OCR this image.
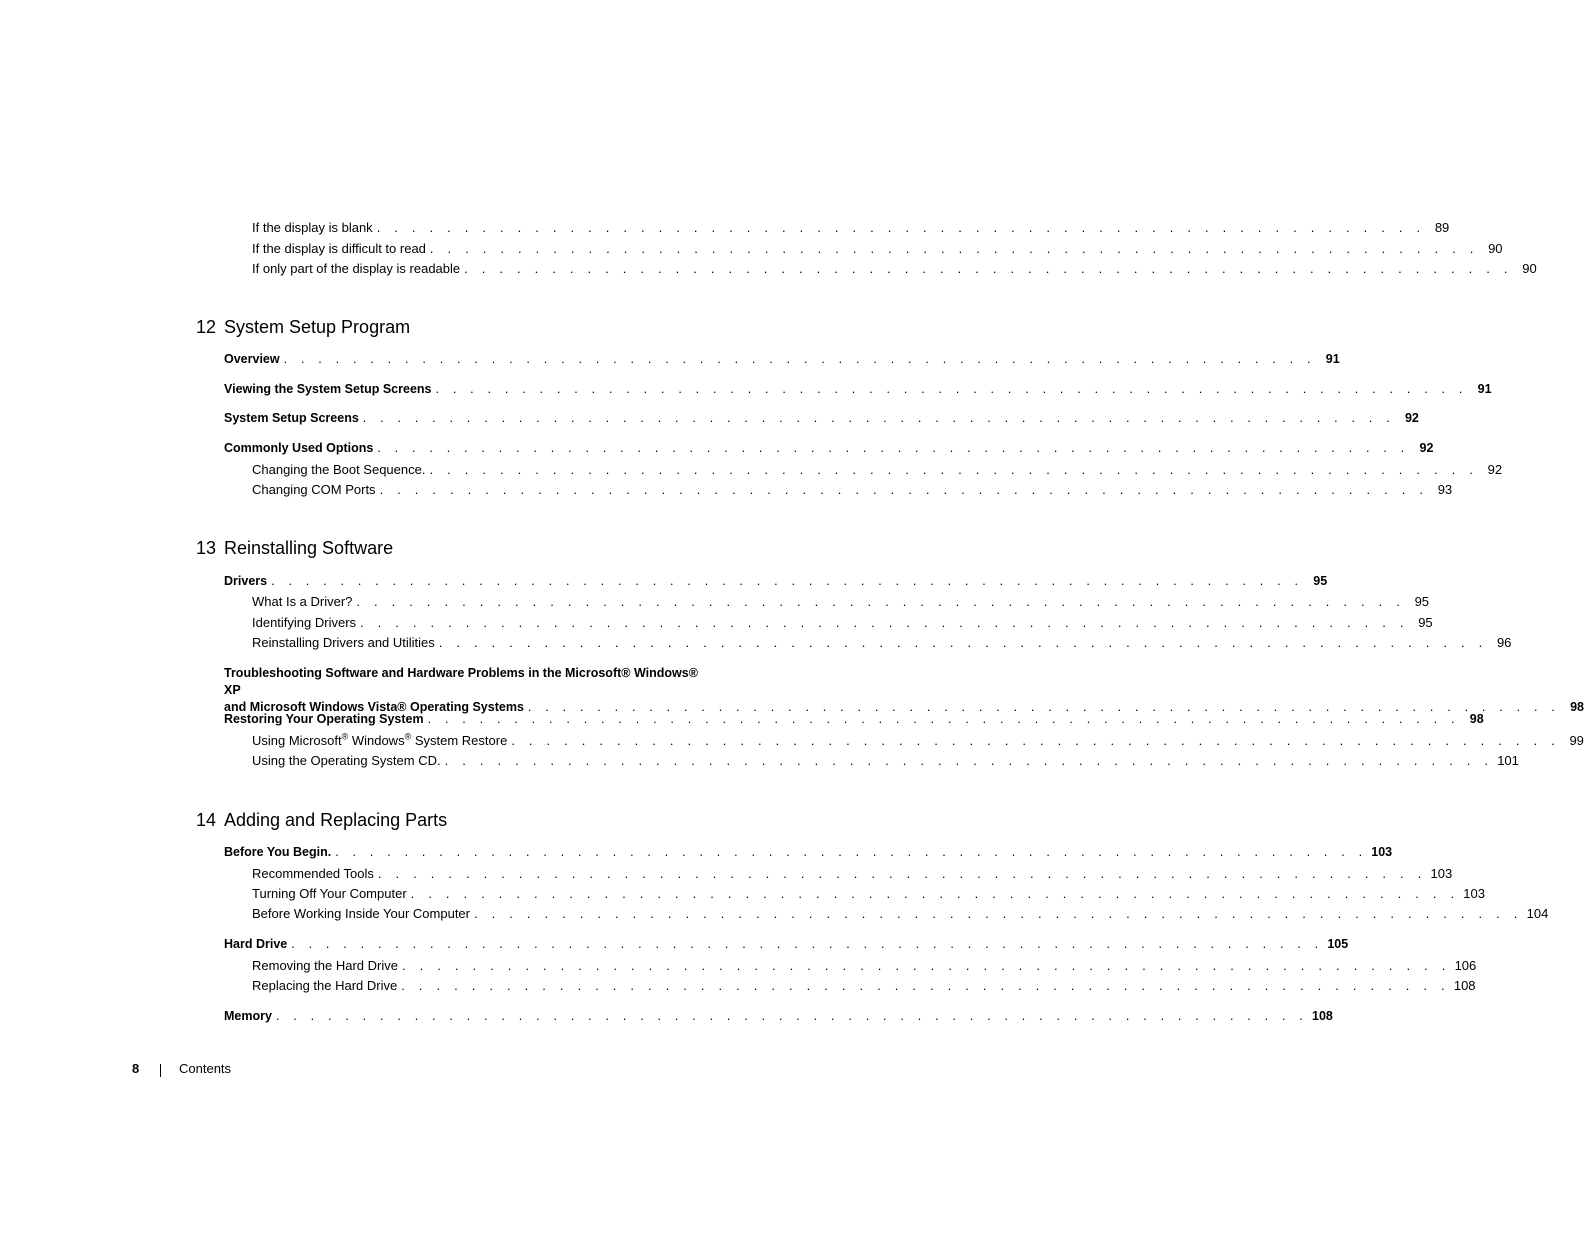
If the display is blank . . . . . . . . . . . . . . . . . . . . . . . . . . . . . . . . . . . . . . . . . . . . . . . . . . . . . . . . . . . . 89
If the display is difficult to read . . . . . . . . . . . . . . . . . . . . . . . . . . . . . . . . . . . . . . . . . . . . . . . . . . . . . . . . . . . . 90
If only part of the display is readable . . . . . . . . . . . . . . . . . . . . . . . . . . . . . . . . . . . . . . . . . . . . . . . . . . . . . . . . . . . . 90
12 System Setup Program
Overview . . . . . . . . . . . . . . . . . . . . . . . . . . . . . . . . . . . . . . . . . . . . . . . . . . . . . . . . . . . . 91
Viewing the System Setup Screens . . . . . . . . . . . . . . . . . . . . . . . . . . . . . . . . . . . . . . . . . . . . . . . . . . . . . . . . . . . . 91
System Setup Screens . . . . . . . . . . . . . . . . . . . . . . . . . . . . . . . . . . . . . . . . . . . . . . . . . . . . . . . . . . . . 92
Commonly Used Options . . . . . . . . . . . . . . . . . . . . . . . . . . . . . . . . . . . . . . . . . . . . . . . . . . . . . . . . . . . . 92
Changing the Boot Sequence. . . . . . . . . . . . . . . . . . . . . . . . . . . . . . . . . . . . . . . . . . . . . . . . . . . . . . . . . . . . . 92
Changing COM Ports . . . . . . . . . . . . . . . . . . . . . . . . . . . . . . . . . . . . . . . . . . . . . . . . . . . . . . . . . . . . 93
13 Reinstalling Software
Drivers . . . . . . . . . . . . . . . . . . . . . . . . . . . . . . . . . . . . . . . . . . . . . . . . . . . . . . . . . . . . 95
What Is a Driver? . . . . . . . . . . . . . . . . . . . . . . . . . . . . . . . . . . . . . . . . . . . . . . . . . . . . . . . . . . . . 95
Identifying Drivers . . . . . . . . . . . . . . . . . . . . . . . . . . . . . . . . . . . . . . . . . . . . . . . . . . . . . . . . . . . . 95
Reinstalling Drivers and Utilities . . . . . . . . . . . . . . . . . . . . . . . . . . . . . . . . . . . . . . . . . . . . . . . . . . . . . . . . . . . . 96
Troubleshooting Software and Hardware Problems in the Microsoft® Windows® XP
and Microsoft Windows Vista® Operating Systems . . . . . . . . . . . . . . . . . . . . . . . . . . . . . . . . . . . . . . . . . . . . . . . . . . . . . . . . . . . . 98
Restoring Your Operating System . . . . . . . . . . . . . . . . . . . . . . . . . . . . . . . . . . . . . . . . . . . . . . . . . . . . . . . . . . . . 98
Using Microsoft® Windows® System Restore . . . . . . . . . . . . . . . . . . . . . . . . . . . . . . . . . . . . . . . . . . . . . . . . . . . . . . . . . . . . 99
Using the Operating System CD. . . . . . . . . . . . . . . . . . . . . . . . . . . . . . . . . . . . . . . . . . . . . . . . . . . . . . . . . . . . . 101
14 Adding and Replacing Parts
Before You Begin. . . . . . . . . . . . . . . . . . . . . . . . . . . . . . . . . . . . . . . . . . . . . . . . . . . . . . . . . . . . . 103
Recommended Tools . . . . . . . . . . . . . . . . . . . . . . . . . . . . . . . . . . . . . . . . . . . . . . . . . . . . . . . . . . . . 103
Turning Off Your Computer . . . . . . . . . . . . . . . . . . . . . . . . . . . . . . . . . . . . . . . . . . . . . . . . . . . . . . . . . . . . 103
Before Working Inside Your Computer . . . . . . . . . . . . . . . . . . . . . . . . . . . . . . . . . . . . . . . . . . . . . . . . . . . . . . . . . . . . 104
Hard Drive . . . . . . . . . . . . . . . . . . . . . . . . . . . . . . . . . . . . . . . . . . . . . . . . . . . . . . . . . . . . 105
Removing the Hard Drive . . . . . . . . . . . . . . . . . . . . . . . . . . . . . . . . . . . . . . . . . . . . . . . . . . . . . . . . . . . . 106
Replacing the Hard Drive . . . . . . . . . . . . . . . . . . . . . . . . . . . . . . . . . . . . . . . . . . . . . . . . . . . . . . . . . . . . 108
Memory . . . . . . . . . . . . . . . . . . . . . . . . . . . . . . . . . . . . . . . . . . . . . . . . . . . . . . . . . . . . 108
8	Contents
